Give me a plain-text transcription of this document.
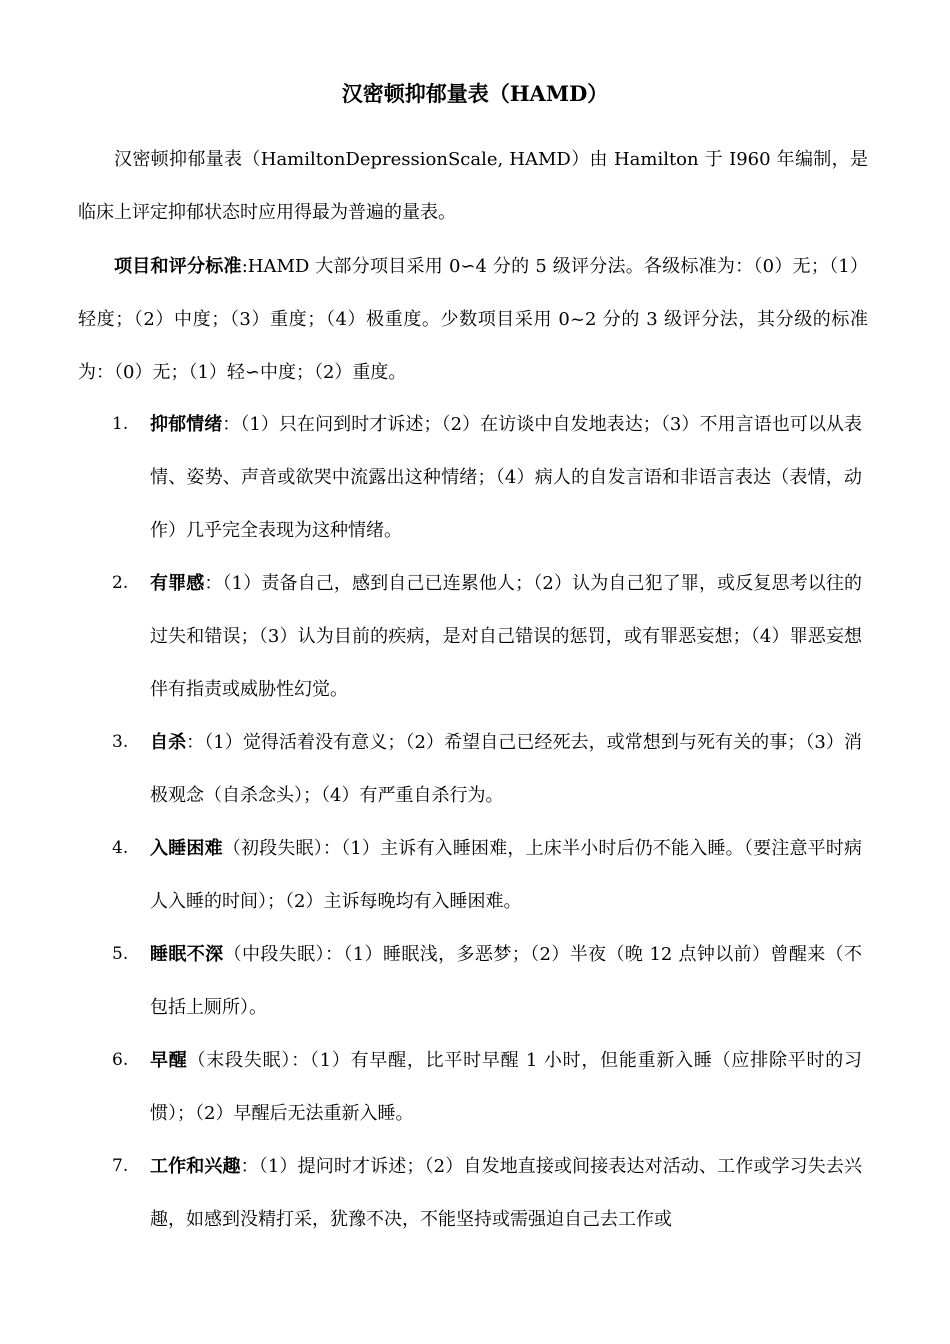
汉密顿抑郁量表（HAMD）

汉密顿抑郁量表（HamiltonDepressionScale, HAMD）由 Hamilton 于 I960 年编制，是临床上评定抑郁状态时应用得最为普遍的量表。

项目和评分标准:HAMD 大部分项目采用 0∽4 分的 5 级评分法。各级标准为：（0）无；（1）轻度；（2）中度；（3）重度；（4）极重度。少数项目采用 0~2 分的 3 级评分法，其分级的标准为：（0）无；（1）轻∽中度；（2）重度。

1.	抑郁情绪：（1）只在问到时才诉述；（2）在访谈中自发地表达；（3）不用言语也可以从表情、姿势、声音或欲哭中流露出这种情绪；（4）病人的自发言语和非语言表达（表情，动作）几乎完全表现为这种情绪。
2.	有罪感：（1）责备自己，感到自己已连累他人；（2）认为自己犯了罪，或反复思考以往的过失和错误；（3）认为目前的疾病，是对自己错误的惩罚，或有罪恶妄想；（4）罪恶妄想伴有指责或威胁性幻觉。
3.	自杀：（1）觉得活着没有意义；（2）希望自己已经死去，或常想到与死有关的事；（3）消极观念（自杀念头）；（4）有严重自杀行为。
4.	入睡困难（初段失眠）：（1）主诉有入睡困难，上床半小时后仍不能入睡。（要注意平时病人入睡的时间）；（2）主诉每晚均有入睡困难。
5.	睡眠不深（中段失眠）：（1）睡眠浅，多恶梦；（2）半夜（晚 12 点钟以前）曾醒来（不包括上厕所）。
6.	早醒（末段失眠）：（1）有早醒，比平时早醒 1 小时，但能重新入睡（应排除平时的习惯）；（2）早醒后无法重新入睡。
7.	工作和兴趣：（1）提问时才诉述；（2）自发地直接或间接表达对活动、工作或学习失去兴趣，如感到没精打采，犹豫不决，不能坚持或需强迫自己去工作或
